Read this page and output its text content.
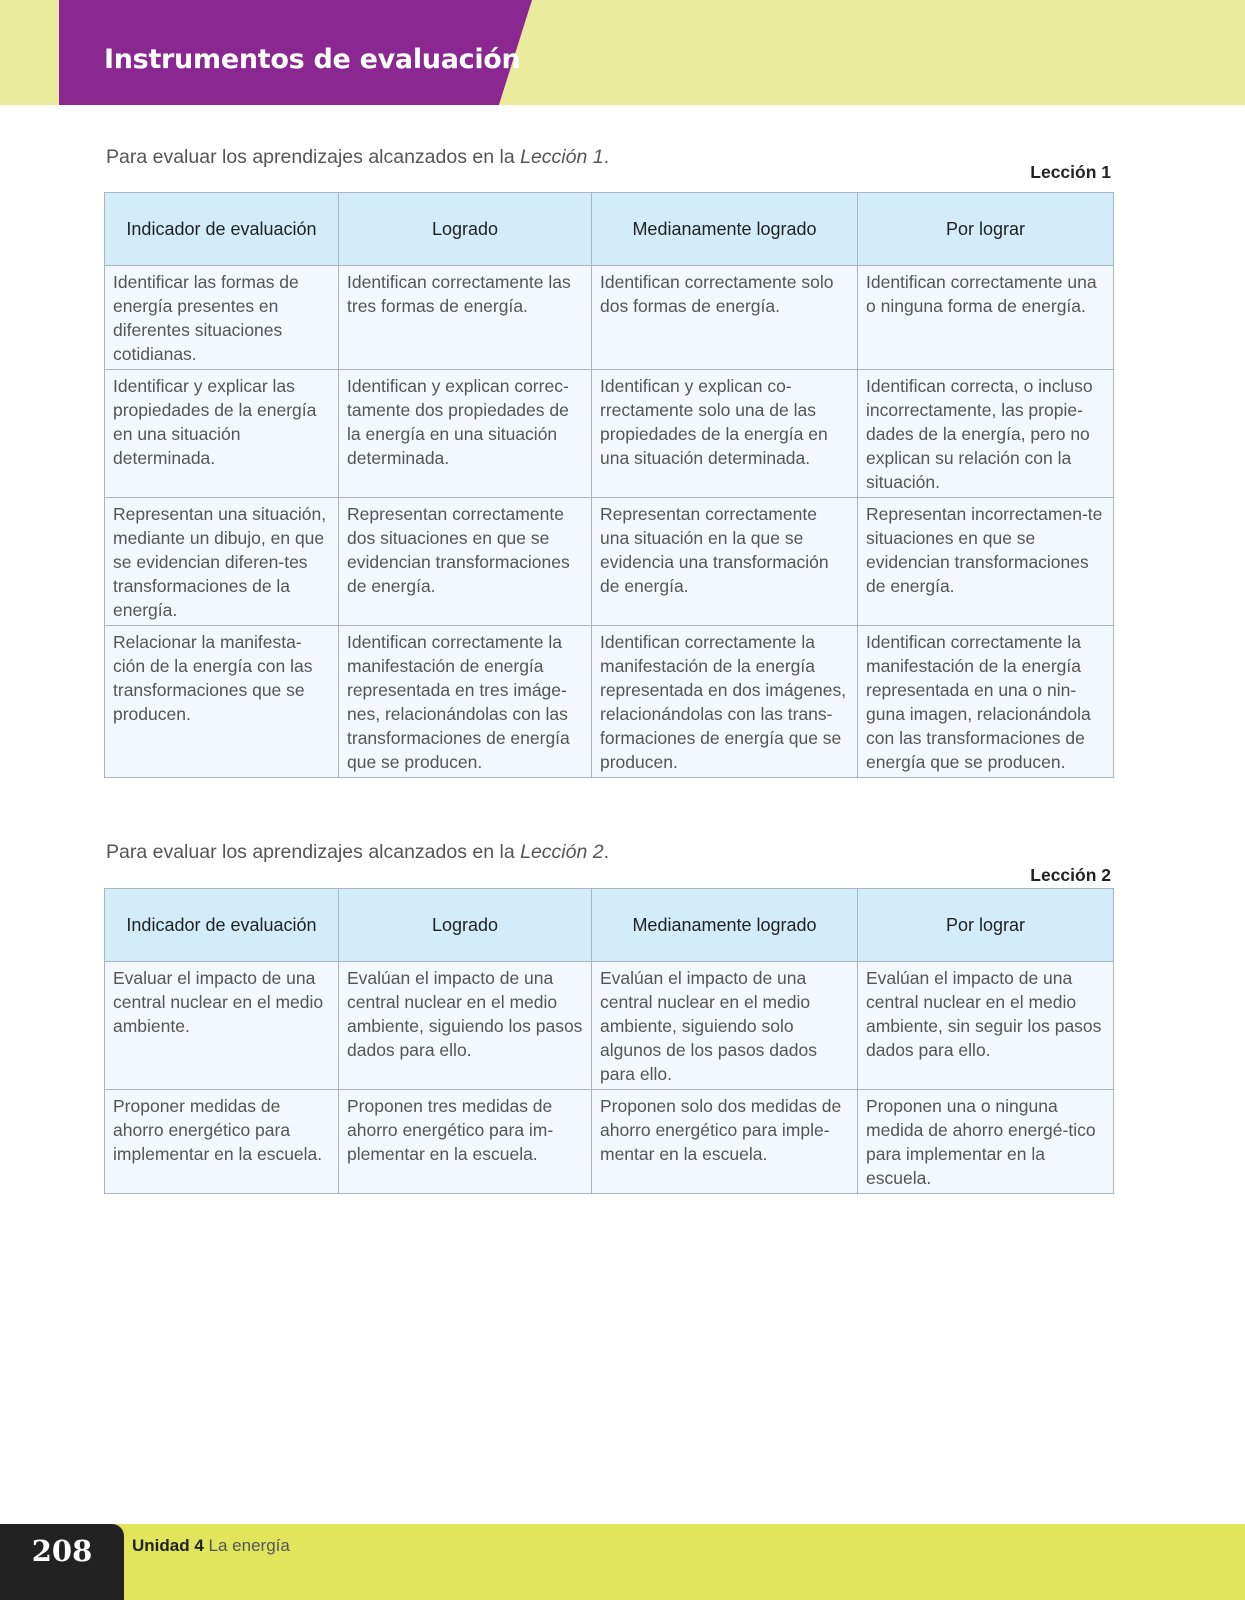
Instrumentos de evaluación

Para evaluar los aprendizajes alcanzados en la Lección 1.

Lección 1

Indicador de evaluación	Logrado	Medianamente logrado	Por lograr
Identificar las formas de energía presentes en diferentes situaciones cotidianas.	Identifican correctamente las tres formas de energía.	Identifican correctamente solo dos formas de energía.	Identifican correctamente una o ninguna forma de energía.
Identificar y explicar las propiedades de la energía en una situación determinada.	Identifican y explican correc-tamente dos propiedades de la energía en una situación determinada.	Identifican y explican co-rrectamente solo una de las propiedades de la energía en una situación determinada.	Identifican correcta, o incluso incorrectamente, las propie-dades de la energía, pero no explican su relación con la situación.
Representan una situación, mediante un dibujo, en que se evidencian diferen-tes transformaciones de la energía.	Representan correctamente dos situaciones en que se evidencian transformaciones de energía.	Representan correctamente una situación en la que se evidencia una transformación de energía.	Representan incorrectamen-te situaciones en que se evidencian transformaciones de energía.
Relacionar la manifesta-ción de la energía con las transformaciones que se producen.	Identifican correctamente la manifestación de energía representada en tres imáge-nes, relacionándolas con las transformaciones de energía que se producen.	Identifican correctamente la manifestación de la energía representada en dos imágenes, relacionándolas con las trans-formaciones de energía que se producen.	Identifican correctamente la manifestación de la energía representada en una o nin-guna imagen, relacionándola con las transformaciones de energía que se producen.

Para evaluar los aprendizajes alcanzados en la Lección 2.

Lección 2

Indicador de evaluación	Logrado	Medianamente logrado	Por lograr
Evaluar el impacto de una central nuclear en el medio ambiente.	Evalúan el impacto de una central nuclear en el medio ambiente, siguiendo los pasos dados para ello.	Evalúan el impacto de una central nuclear en el medio ambiente, siguiendo solo algunos de los pasos dados para ello.	Evalúan el impacto de una central nuclear en el medio ambiente, sin seguir los pasos dados para ello.
Proponer medidas de ahorro energético para implementar en la escuela.	Proponen tres medidas de ahorro energético para im-plementar en la escuela.	Proponen solo dos medidas de ahorro energético para imple-mentar en la escuela.	Proponen una o ninguna medida de ahorro energé-tico para implementar en la escuela.

208	Unidad 4 La energía
